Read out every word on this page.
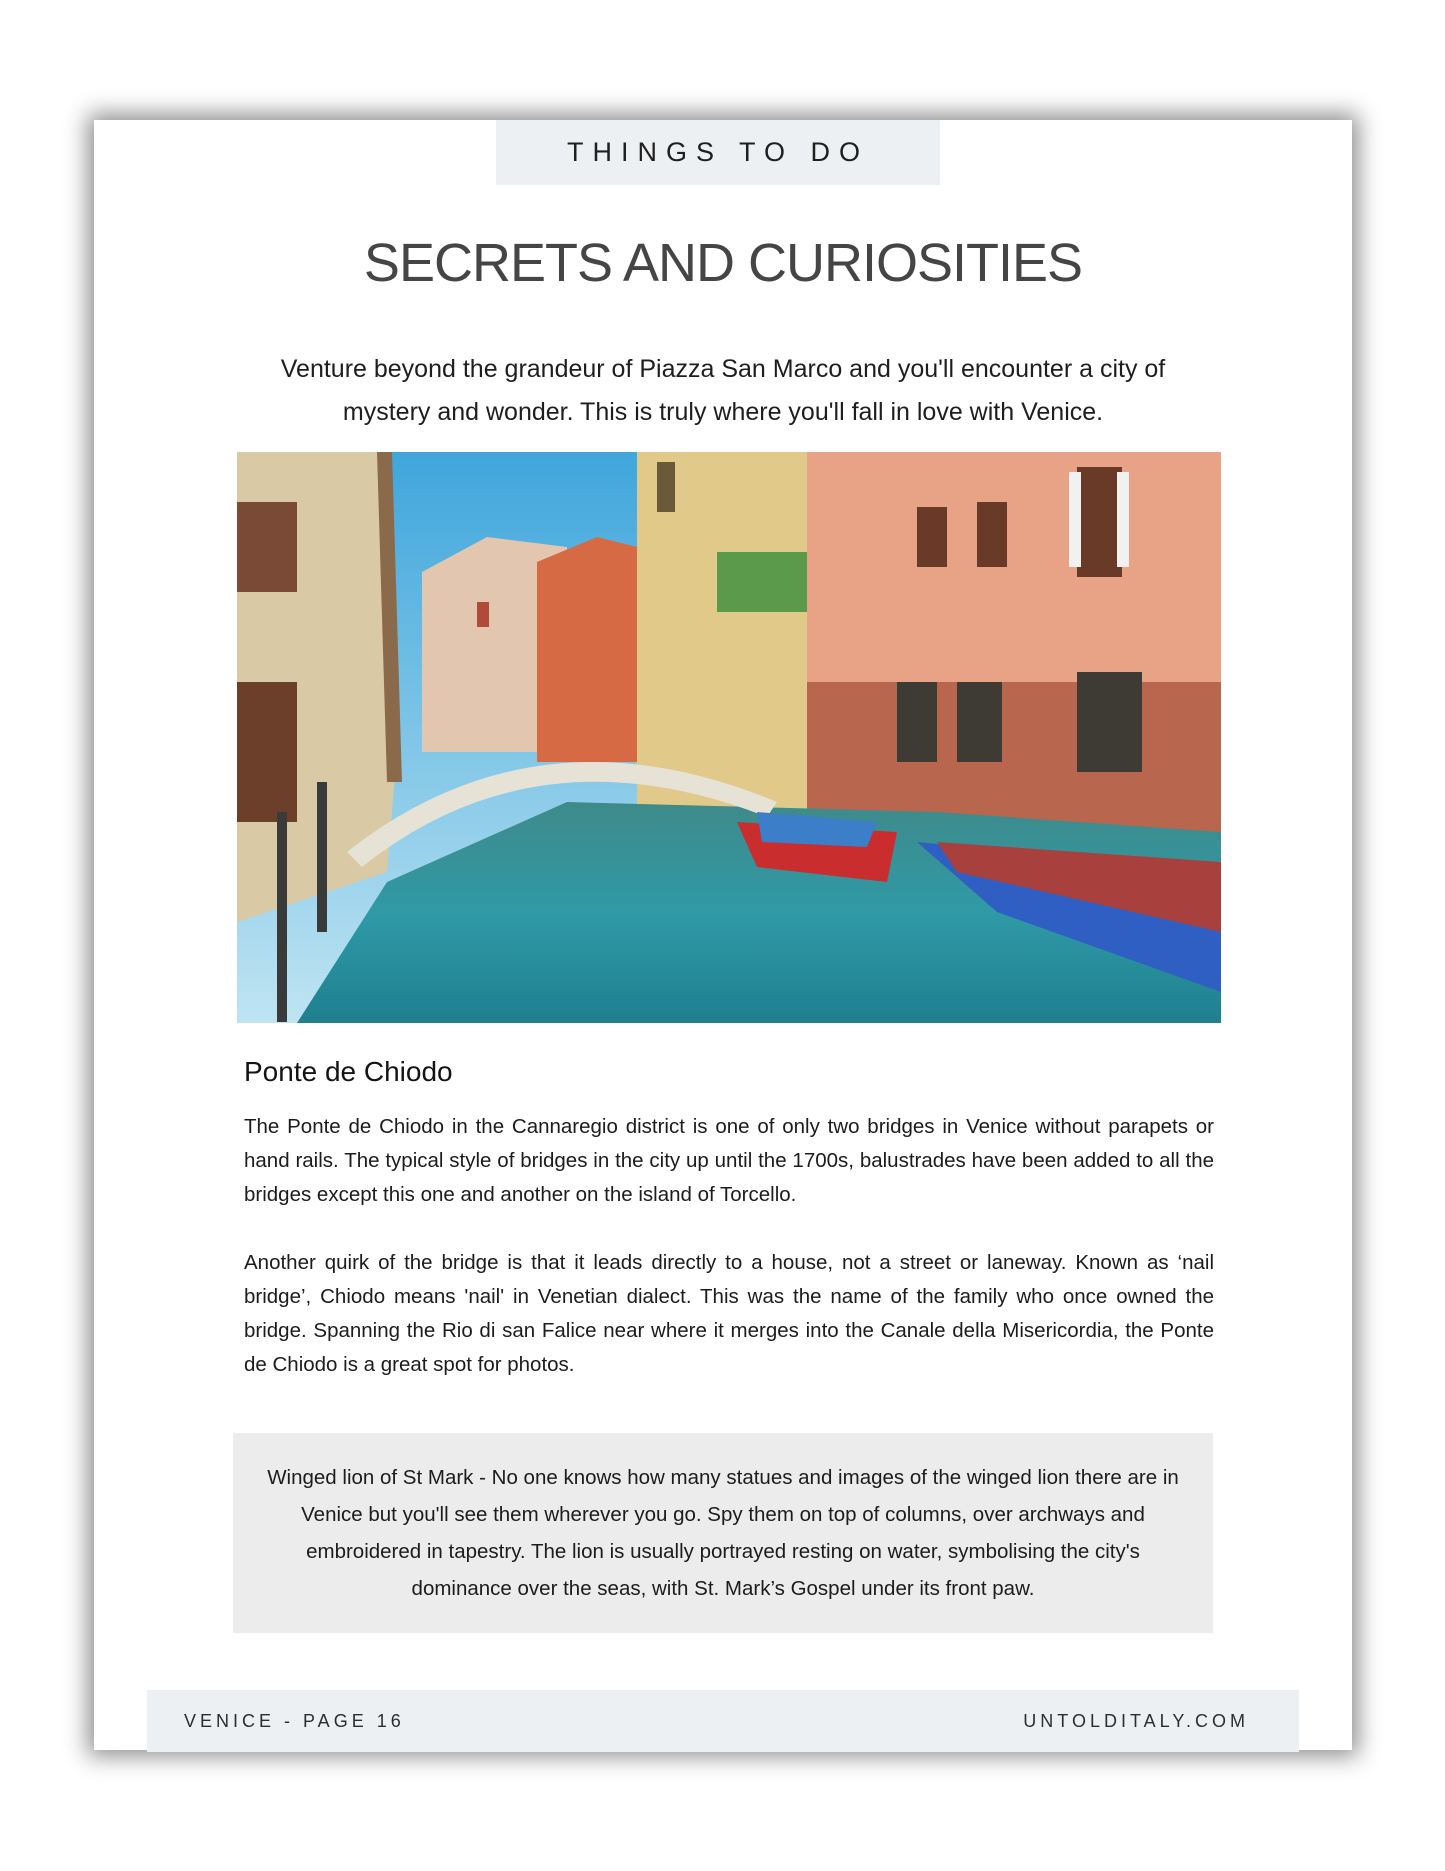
THINGS TO DO
SECRETS AND CURIOSITIES
Venture beyond the grandeur of Piazza San Marco and you'll encounter a city of mystery and wonder. This is truly where you'll fall in love with Venice.
Ponte de Chiodo

The Ponte de Chiodo in the Cannaregio district is one of only two bridges in Venice without parapets or hand rails. The typical style of bridges in the city up until the 1700s, balustrades have been added to all the bridges except this one and another on the island of Torcello.

Another quirk of the bridge is that it leads directly to a house, not a street or laneway. Known as ‘nail bridge’, Chiodo means 'nail' in Venetian dialect. This was the name of the family who once owned the bridge. Spanning the Rio di san Falice near where it merges into the Canale della Misericordia, the Ponte de Chiodo is a great spot for photos.

Winged lion of St Mark - No one knows how many statues and images of the winged lion there are in Venice but you'll see them wherever you go. Spy them on top of columns, over archways and embroidered in tapestry. The lion is usually portrayed resting on water, symbolising the city's dominance over the seas, with St. Mark’s Gospel under its front paw.

VENICE - PAGE 16	UNTOLDITALY.COM
